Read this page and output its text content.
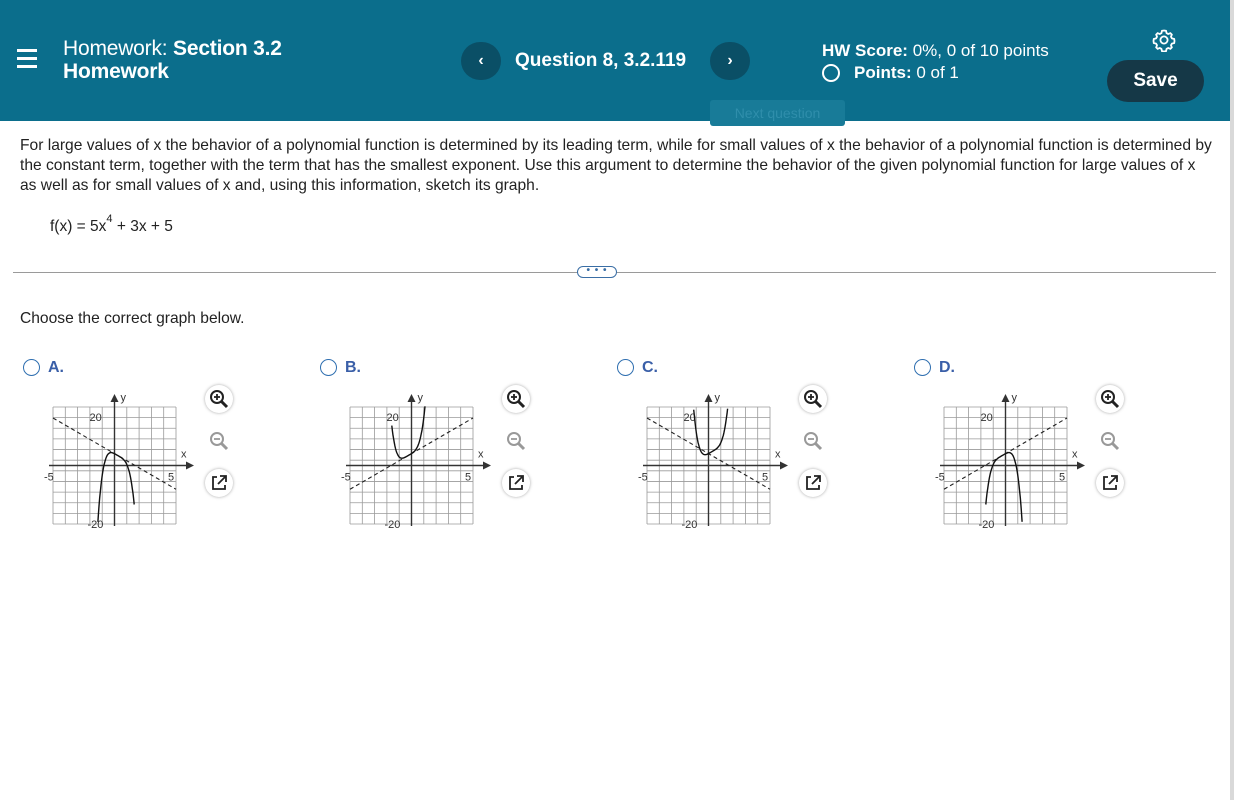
Homework: Section 3.2
Homework	‹	Question 8, 3.2.119	›
Next question
HW Score: 0%, 0 of 10 points
Points:
0 of 1	Save
For large values of x the behavior of a polynomial function is determined by its leading term, while for small values of x the behavior of a polynomial function is determined by the constant term, together with the term that has the smallest exponent. Use this argument to determine the behavior of the given polynomial function for large values of x as well as for small values of x and, using this information, sketch its graph.
$f(x) = 5x^4 + 3x + 5$
• • •
Choose the correct graph below.
A.
y
x
20
-20
-5	5
B.
y
x
20
-20
-5	5
C.
y
x
20
-20
-5	5
D.
y
x
20
-20
-5	5
